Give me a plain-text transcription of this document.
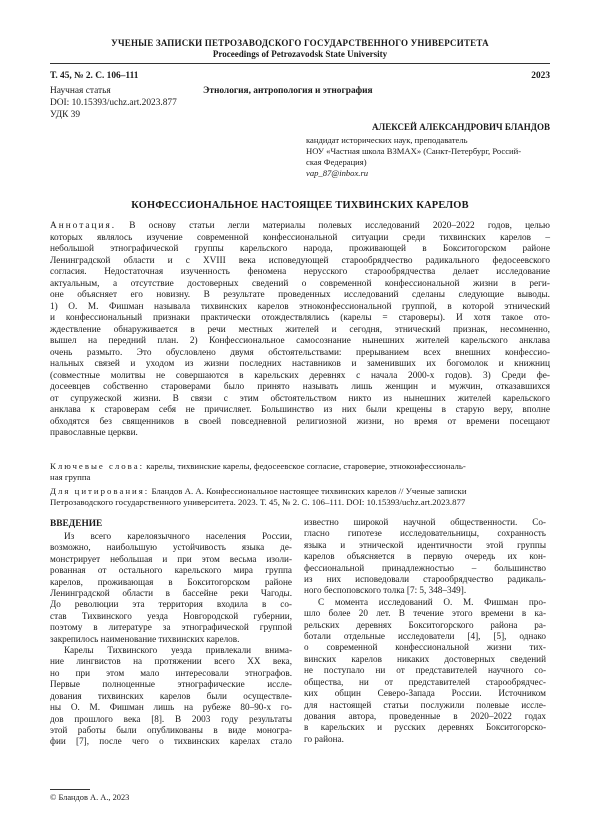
УЧЕНЫЕ ЗАПИСКИ ПЕТРОЗАВОДСКОГО ГОСУДАРСТВЕННОГО УНИВЕРСИТЕТА
Proceedings of Petrozavodsk State University
Т. 45, № 2. С. 106–111	2023
Научная статья	Этнология, антропология и этнография
DOI: 10.15393/uchz.art.2023.877
УДК 39
АЛЕКСЕЙ АЛЕКСАНДРОВИЧ БЛАНДОВ
кандидат исторических наук, преподаватель
НОУ «Частная школа ВЗМАХ» (Санкт-Петербург, Россий-
ская Федерация)
vap_87@inbox.ru
КОНФЕССИОНАЛЬНОЕ НАСТОЯЩЕЕ ТИХВИНСКИХ КАРЕЛОВ
Аннотация. В основу статьи легли материалы полевых исследований 2020–2022 годов, целью
которых являлось изучение современной конфессиональной ситуации среди тихвинских карелов –
небольшой этнографической группы карельского народа, проживающей в Бокситогорском районе
Ленинградской области и с XVIII века исповедующей старообрядчество радикального федосеевского
согласия. Недостаточная изученность феномена нерусского старообрядчества делает исследование
актуальным, а отсутствие достоверных сведений о современной конфессиональной жизни в реги-
оне объясняет его новизну. В результате проведенных исследований сделаны следующие выводы.
1) О. М. Фишман называла тихвинских карелов этноконфессиональной группой, в которой этнический
и конфессиональный признаки практически отождествлялись (карелы = староверы). И хотя такое ото-
ждествление обнаруживается в речи местных жителей и сегодня, этнический признак, несомненно,
вышел на передний план. 2) Конфессиональное самосознание нынешних жителей карельского анклава
очень размыто. Это обусловлено двумя обстоятельствами: прерыванием всех внешних конфессио-
нальных связей и уходом из жизни последних наставников и заменивших их богомолок и книжниц
(совместные молитвы не совершаются в карельских деревнях с начала 2000-х годов). 3) Среди фе-
досеевцев собственно староверами было принято называть лишь женщин и мужчин, отказавшихся
от супружеской жизни. В связи с этим обстоятельством никто из нынешних жителей карельского
анклава к староверам себя не причисляет. Большинство из них были крещены в старую веру, вполне
обходятся без священников в своей повседневной религиозной жизни, но время от времени посещают
православные церкви.
Ключевые слова: карелы, тихвинские карелы, федосеевское согласие, староверие, этноконфессиональ-
ная группа
Для цитирования: Бландов А. А. Конфессиональное настоящее тихвинских карелов // Ученые записки
Петрозаводского государственного университета. 2023. Т. 45, № 2. С. 106–111. DOI: 10.15393/uchz.art.2023.877
ВВЕДЕНИЕ
Из всего карелоязычного населения России,
возможно, наибольшую устойчивость языка де-
монстрирует небольшая и при этом весьма изоли-
рованная от остального карельского мира группа
карелов, проживающая в Бокситогорском районе
Ленинградской области в бассейне реки Чагоды.
До революции эта территория входила в со-
став Тихвинского уезда Новгородской губернии,
поэтому в литературе за этнографической группой
закрепилось наименование тихвинских карелов.
Карелы Тихвинского уезда привлекали внима-
ние лингвистов на протяжении всего XX века,
но при этом мало интересовали этнографов.
Первые полноценные этнографические иссле-
дования тихвинских карелов были осуществле-
ны О. М. Фишман лишь на рубеже 80–90-х го-
дов прошлого века [8]. В 2003 году результаты
этой работы были опубликованы в виде моногра-
фии [7], после чего о тихвинских карелах стало
известно широкой научной общественности. Со-
гласно гипотезе исследовательницы, сохранность
языка и этнической идентичности этой группы
карелов объясняется в первую очередь их кон-
фессиональной принадлежностью – большинство
из них исповедовали старообрядчество радикаль-
ного беспоповского толка [7: 5, 348–349].
С момента исследований О. М. Фишман про-
шло более 20 лет. В течение этого времени в ка-
рельских деревнях Бокситогорского района ра-
ботали отдельные исследователи [4], [5], однако
о современной конфессиональной жизни тих-
винских карелов никаких достоверных сведений
не поступало ни от представителей научного со-
общества, ни от представителей старообрядчес-
ких общин Северо-Запада России. Источником
для настоящей статьи послужили полевые иссле-
дования автора, проведенные в 2020–2022 годах
в карельских и русских деревнях Бокситогорско-
го района.
© Бландов А. А., 2023
